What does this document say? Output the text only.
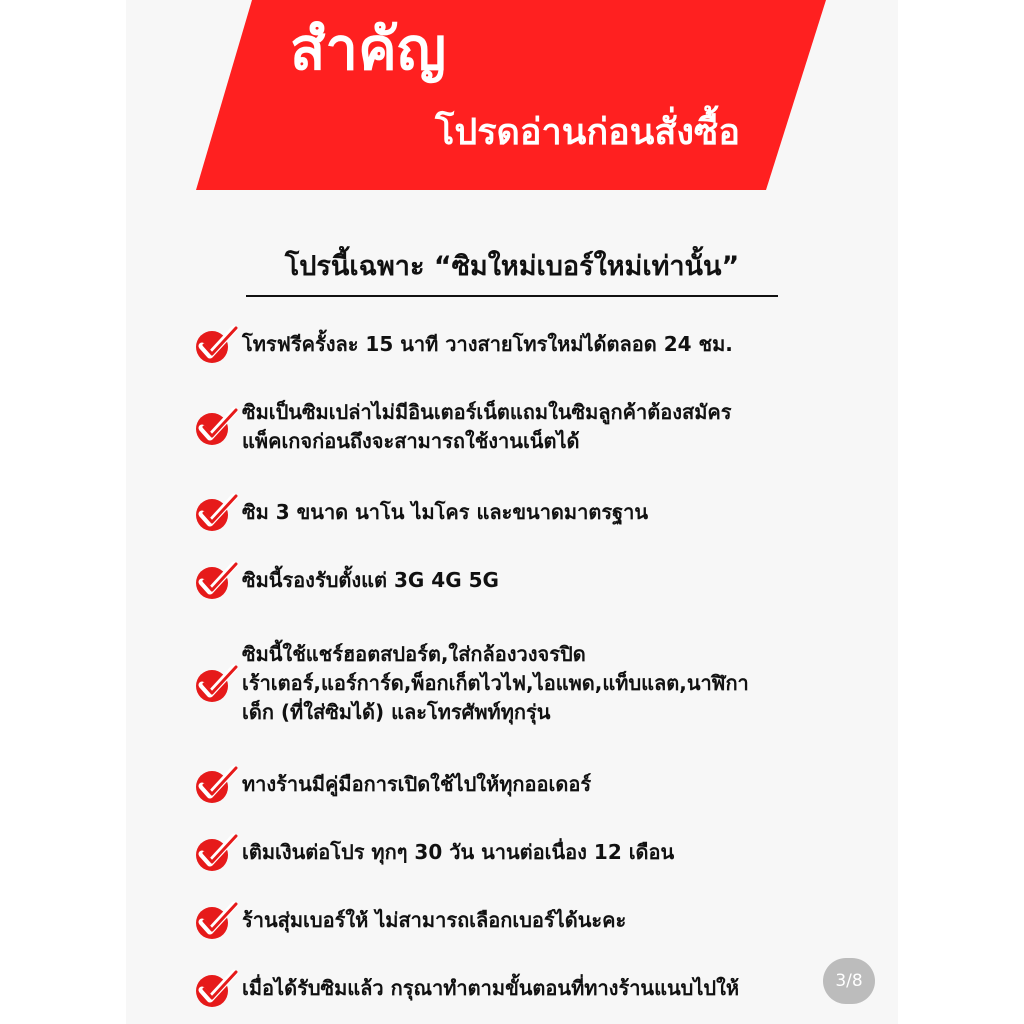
สำคัญ
โปรดอ่านก่อนสั่งซื้อ
โปรนี้เฉพาะ “ซิมใหม่เบอร์ใหม่เท่านั้น”
โทรฟรีครั้งละ 15 นาที วางสายโทรใหม่ได้ตลอด 24 ชม.
ซิมเป็นซิมเปล่าไม่มีอินเตอร์เน็ตแถมในซิมลูกค้าต้องสมัคร
แพ็คเกจก่อนถึงจะสามารถใช้งานเน็ตได้
ซิม 3 ขนาด นาโน ไมโคร และขนาดมาตรฐาน
ซิมนี้รองรับตั้งแต่ 3G 4G 5G
ซิมนี้ใช้แชร์ฮอตสปอร์ต,ใส่กล้องวงจรปิด
เร้าเตอร์,แอร์การ์ด,พ็อกเก็ตไวไฟ,ไอแพด,แท็บแลต,นาฬิกา
เด็ก (ที่ใส่ซิมได้) และโทรศัพท์ทุกรุ่น
ทางร้านมีคู่มือการเปิดใช้ไปให้ทุกออเดอร์
เติมเงินต่อโปร ทุกๆ 30 วัน นานต่อเนื่อง 12 เดือน
ร้านสุ่มเบอร์ให้ ไม่สามารถเลือกเบอร์ได้นะคะ
เมื่อได้รับซิมแล้ว กรุณาทำตามขั้นตอนที่ทางร้านแนบไปให้	3/8
